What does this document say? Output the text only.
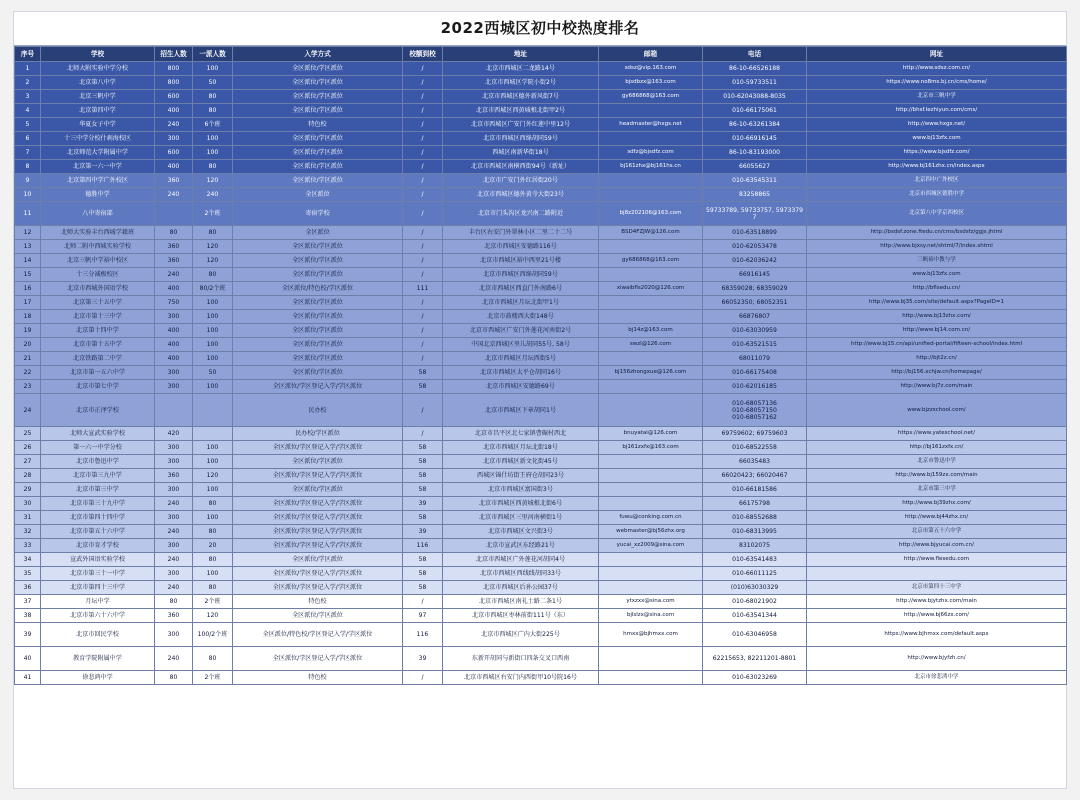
2022西城区初中校热度排名
序号	学校	招生人数	一派人数	入学方式	校额到校	地址	邮箱	电话	网址
1	北师大附实验中学分校	800	100	全区派位/学区派位	/	北京市西城区二龙路14号	sdsz@vip.163.com	86-10-66526188	http://www.sdsz.com.cn/
2	北京第八中学	800	50	全区派位/学区派位	/	北京市西城区学院小街2号	bjsdbzx@163.com	010-59733511	https://www.no8ms.bj.cn/cms/home/
3	北京三帆中学	600	80	全区派位/学区派位	/	北京市西城区德外新风街7号	gy686868@163.com	010-62043088-8035	北京市三帆中学
4	北京第四中学	400	80	全区派位/学区派位	/	北京市西城区西黄城根北街甲2号		010-66175061	http://bhsf.lezhiyun.com/cms/
5	华夏女子中学	240	6个班	特色校	/	北京市西城区广安门外红莲中里12号	headmaster@hxgs.net	86-10-63261384	http://www.hxgs.net/
6	十三中学分校什刹海校区	300	100	全区派位/学区派位	/	北京市西城区西绦胡同59号		010-66916145	www.bj13zfx.com
7	北京师范大学附属中学	600	100	全区派位/学区派位	/	西城区南新华街18号	sdfz@bjsdfz.com	86-10-83193000	https://www.bjsdfz.com/
8	北京第一六一中学	400	80	全区派位/学区派位	/	北京市西城区南横西街94号（新址）	bj161zhx@bj161hs.cn	66055627	http://www.bj161zhx.cn/index.aspx
9	北京第四中学广外校区	360	120	全区派位/学区派位	/	北京市广安门外红居街20号		010-63545311	北京四中广外校区
10	德胜中学	240	240	全区派位	/	北京市西城区德外黄寺大街23号		83258865	北京市西城区德胜中学
11	八中寄宿部		2个班	寄宿学校	/	北京市门头沟区龙兴南二路附近	bj8z202106@163.com	59733789, 59733757, 59733797	北京第八中学京西校区
12	北师大实验丰台西城学籍班	80	80	全区派位	/	丰台区右安门外翠林小区二里二十二号	BSD4FZJW@126.com	010-63518899	http://bsdsf.zone.ftedu.cn/cms/bsdsfz/ggjs.jhtml
13	北师二附中西城实验学校	360	120	全区派位/学区派位	/	北京市西城区安德路116号		010-62053478	http://www.bjxsy.net/shtml/7/index.shtml
14	北京三帆中学裕中校区	360	120	全区派位/学区派位	/	北京市西城区裕中西里21号楼	gy686868@163.com	010-62036242	三帆裕中教与学
15	十三分减极校区	240	80	全区派位/学区派位	/	北京市西城区西绦胡同59号		66916145	www.bj13zfx.com
16	北京市西城外国语学校	400	80/2个班	全区派位/特色校/学区派位	111	北京市西城区西直门外南路6号	xiwaibfls2020@126.com	68359028; 68359029	http://bflsedu.cn/
17	北京第三十五中学	750	100	全区派位/学区派位	/	北京市西城区月坛北街甲1号		66052350; 68052351	http://www.bj35.com/site/default.aspx?PageID=1
18	北京市第十三中学	300	100	全区派位/学区派位	/	北京市鼓楼西大街148号		66876807	http://www.bj13zhx.com/
19	北京第十四中学	400	100	全区派位/学区派位	/	北京市西城区广安门外莲花河南街2号	bj14z@163.com	010-63030959	http://www.bj14.com.cn/
20	北京市第十五中学	400	100	全区派位/学区派位	/	中国北京西城区里儿胡同55号, 58号	swzl@126.com	010-63521515	http://www.bj15.cn/api/unified-portal/fifteen-school/index.html
21	北京铁路第二中学	400	100	全区派位/学区派位	/	北京市西城区月坛西街5号		68011079	http://bjt2z.cn/
22	北京市第一五六中学	300	50	全区派位/学区派位	58	北京市西城区太平仓胡同16号	bj156zhongxue@126.com	010-66175408	http://bj156.xchjw.cn/homepage/
23	北京市第七中学	300	100	全区派位/学区登记入学/学区派位	58	北京市西城区安德路69号		010-62016185	http://www.bj7z.com/main
24	北京市正泽学校			民办校	/	北京市西城区下章胡同1号		010-68057136
010-68057150
010-68057162	www.bjzzschool.com/
25	北师大宣武实验学校	420		民办校/学区派位	/	北京市昌平区北七家镇曹碾村西北	bnuyatai@126.com	69759602; 69759603	https://www.yateschool.net/
26	第一六一中学分校	300	100	全区派位/学区登记入学/学区派位	58	北京市西城区月坛北街18号	bj161zxfx@163.com	010-68522558	http://bj161zxfx.cn/
27	北京市鲁迅中学	300	100	全区派位/学区派位	58	北京市西城区新文化街45号		66035483	北京市鲁迅中学
28	北京市第三九中学	360	120	全区派位/学区登记入学/学区派位	58	西城区锦什坊街王府仓胡同23号		66020423; 66020467	http://www.bj159zx.com/main
29	北京市第三中学	300	100	全区派位/学区派位	58	北京市西城区富国街3号		010-66181586	北京市第三中学
30	北京市第三十九中学	240	80	全区派位/学区登记入学/学区派位	39	北京市西城区西黄城根北街6号		66175798	http://www.bj39zhx.com/
31	北京市第四十四中学	300	100	全区派位/学区登记入学/学区派位	58	北京市西城区三里河南横街1号	fuwu@conking.com.cn	010-68552688	http://www.bj44zhx.cn/
32	北京市第五十六中学	240	80	全区派位/学区登记入学/学区派位	39	北京市西城区文兴街3号	webmaster@bj56zhx.org	010-68313995	北京市第五十六中学
33	北京市育才学校	300	20	全区派位/学区登记入学/学区派位	116	北京市宣武区东经路21号	yucai_xz2009@sina.com	83102075	http://www.bjyucai.com.cn/
34	宣武外国语实验学校	240	80	全区派位/学区派位	58	北京市西城区广外莲花河胡同4号		010-63541483	http://www.flesedu.com
35	北京市第三十一中学	300	100	全区派位/学区登记入学/学区派位	58	北京市西城区西线线胡同33号		010-66011125	
36	北京市第四十三中学	240	80	全区派位/学区登记入学/学区派位	58	北京市西城区后孙公园37号		(010)63030329	北京市第四十三中学
37	月坛中学	80	2个班	特色校	/	北京市西城区南礼士路二条1号	ytxzxx@sina.com	010-68021902	http://www.bjytzhx.com/main
38	北京市第六十六中学	360	120	全区派位/学区派位	97	北京市西城区枣林前街111号（东）	bjlslzx@sina.com	010-63541344	http://www.bj66zx.com/
39	北京市回民学校	300	100/2个班	全区派位/特色校/学区登记入学/学区派位	116	北京市西城区广内大街225号	hmxx@bjhmxx.com	010-63046958	https://www.bjhmxx.com/default.aspx
40	教育学院附属中学	240	80	全区派位/学区登记入学/学区派位	39	东新开胡同与新街口四条交叉口西南		62215653, 82211201-8801	http://www.bjyfzh.cn/
41	徐悲鸿中学	80	2个班	特色校	/	北京市西城区右安门内西街甲10号院16号		010-63023269	北京市徐悲鸿中学
